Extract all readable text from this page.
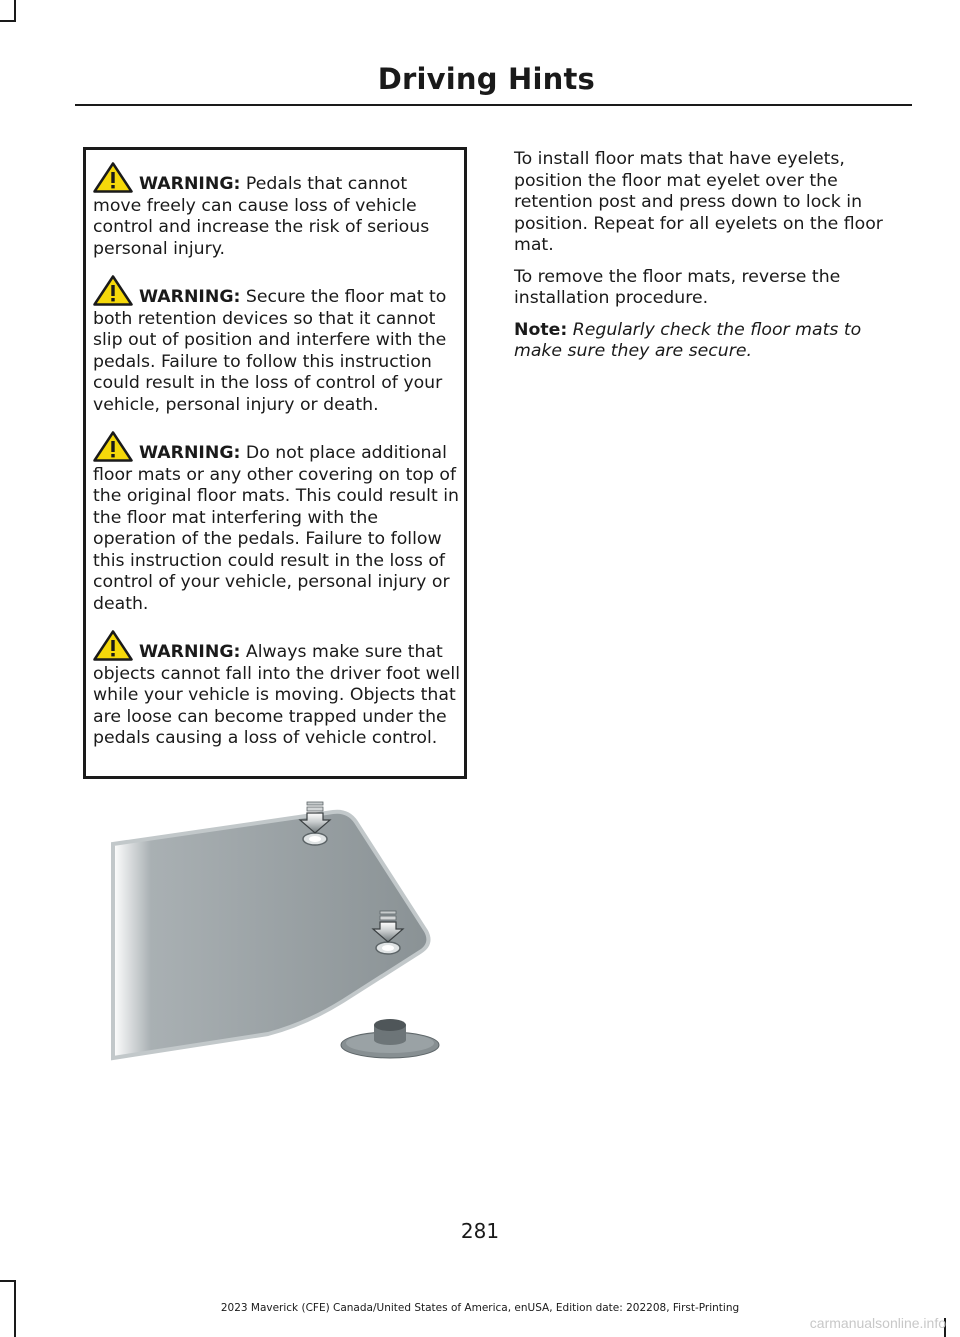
Driving Hints

WARNING: Pedals that cannot move freely can cause loss of vehicle control and increase the risk of serious personal injury.

WARNING: Secure the floor mat to both retention devices so that it cannot slip out of position and interfere with the pedals. Failure to follow this instruction could result in the loss of control of your vehicle, personal injury or death.

WARNING: Do not place additional floor mats or any other covering on top of the original floor mats. This could result in the floor mat interfering with the operation of the pedals. Failure to follow this instruction could result in the loss of control of your vehicle, personal injury or death.

WARNING: Always make sure that objects cannot fall into the driver foot well while your vehicle is moving. Objects that are loose can become trapped under the pedals causing a loss of vehicle control.

To install floor mats that have eyelets, position the floor mat eyelet over the retention post and press down to lock in position. Repeat for all eyelets on the floor mat.

To remove the floor mats, reverse the installation procedure.

Note: Regularly check the floor mats to make sure they are secure.

281
2023 Maverick (CFE) Canada/United States of America, enUSA, Edition date: 202208, First-Printing
carmanualsonline.info
